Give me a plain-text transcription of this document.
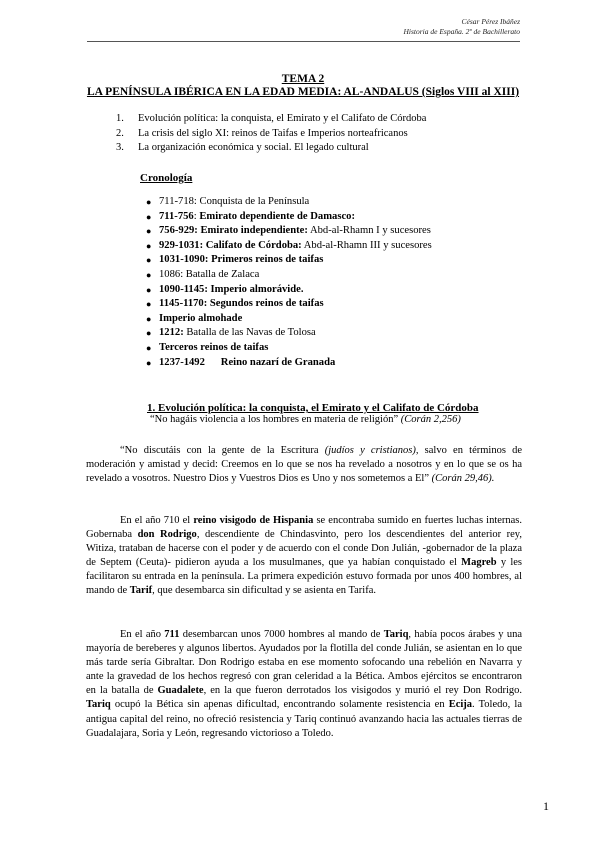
César Pérez Ibáñez
Historia de España. 2º de Bachillerato
TEMA 2
LA PENÍNSULA IBÉRICA EN LA EDAD MEDIA: AL-ANDALUS (Siglos VIII al XIII)
1. Evolución política: la conquista, el Emirato y el Califato de Córdoba
2. La crisis del siglo XI: reinos de Taifas e Imperios norteafricanos
3. La organización económica y social. El legado cultural
Cronología
● 711-718: Conquista de la Península
● 711-756: Emirato dependiente de Damasco:
● 756-929: Emirato independiente: Abd-al-Rhamn I y sucesores
● 929-1031: Califato de Córdoba: Abd-al-Rhamn III y sucesores
● 1031-1090: Primeros reinos de taifas
● 1086: Batalla de Zalaca
● 1090-1145: Imperio almorávide.
● 1145-1170: Segundos reinos de taifas
● Imperio almohade
● 1212: Batalla de las Navas de Tolosa
● Terceros reinos de taifas
● 1237-1492      Reino nazarí de Granada
1. Evolución política: la conquista, el Emirato y el Califato de Córdoba
“No hagáis violencia a los hombres en materia de religión” (Corán 2,256)

“No discutáis con la gente de la Escritura (judíos y cristianos), salvo en términos de moderación y amistad y decid: Creemos en lo que se nos ha revelado a nosotros y en lo que se os ha revelado a vosotros. Nuestro Dios y Vuestros Dios es Uno y nos sometemos a El” (Corán 29,46).

En el año 710 el reino visigodo de Hispania se encontraba sumido en fuertes luchas internas. Gobernaba don Rodrigo, descendiente de Chindasvinto, pero los descendientes del anterior rey, Witiza, trataban de hacerse con el poder y de acuerdo con el conde Don Julián, -gobernador de la plaza de Septem (Ceuta)- pidieron ayuda a los musulmanes, que ya habían conquistado el Magreb y les facilitaron su entrada en la península. La primera expedición estuvo formada por unos 400 hombres, al mando de Tarif, que desembarca sin dificultad y se asienta en Tarifa.

En el año 711 desembarcan unos 7000 hombres al mando de Tariq, había pocos árabes y una mayoría de bereberes y algunos libertos. Ayudados por la flotilla del conde Julián, se asientan en lo que más tarde sería Gibraltar. Don Rodrigo estaba en ese momento sofocando una rebelión en Navarra y ante la gravedad de los hechos regresó con gran celeridad a la Bética. Ambos ejércitos se encontraron en la batalla de Guadalete, en la que fueron derrotados los visigodos y murió el rey Don Rodrigo. Tariq ocupó la Bética sin apenas dificultad, encontrando solamente resistencia en Ecija. Toledo, la antigua capital del reino, no ofreció resistencia y Tariq continuó avanzando hacia las actuales tierras de Guadalajara, Soria y León, regresando victorioso a Toledo.

1
